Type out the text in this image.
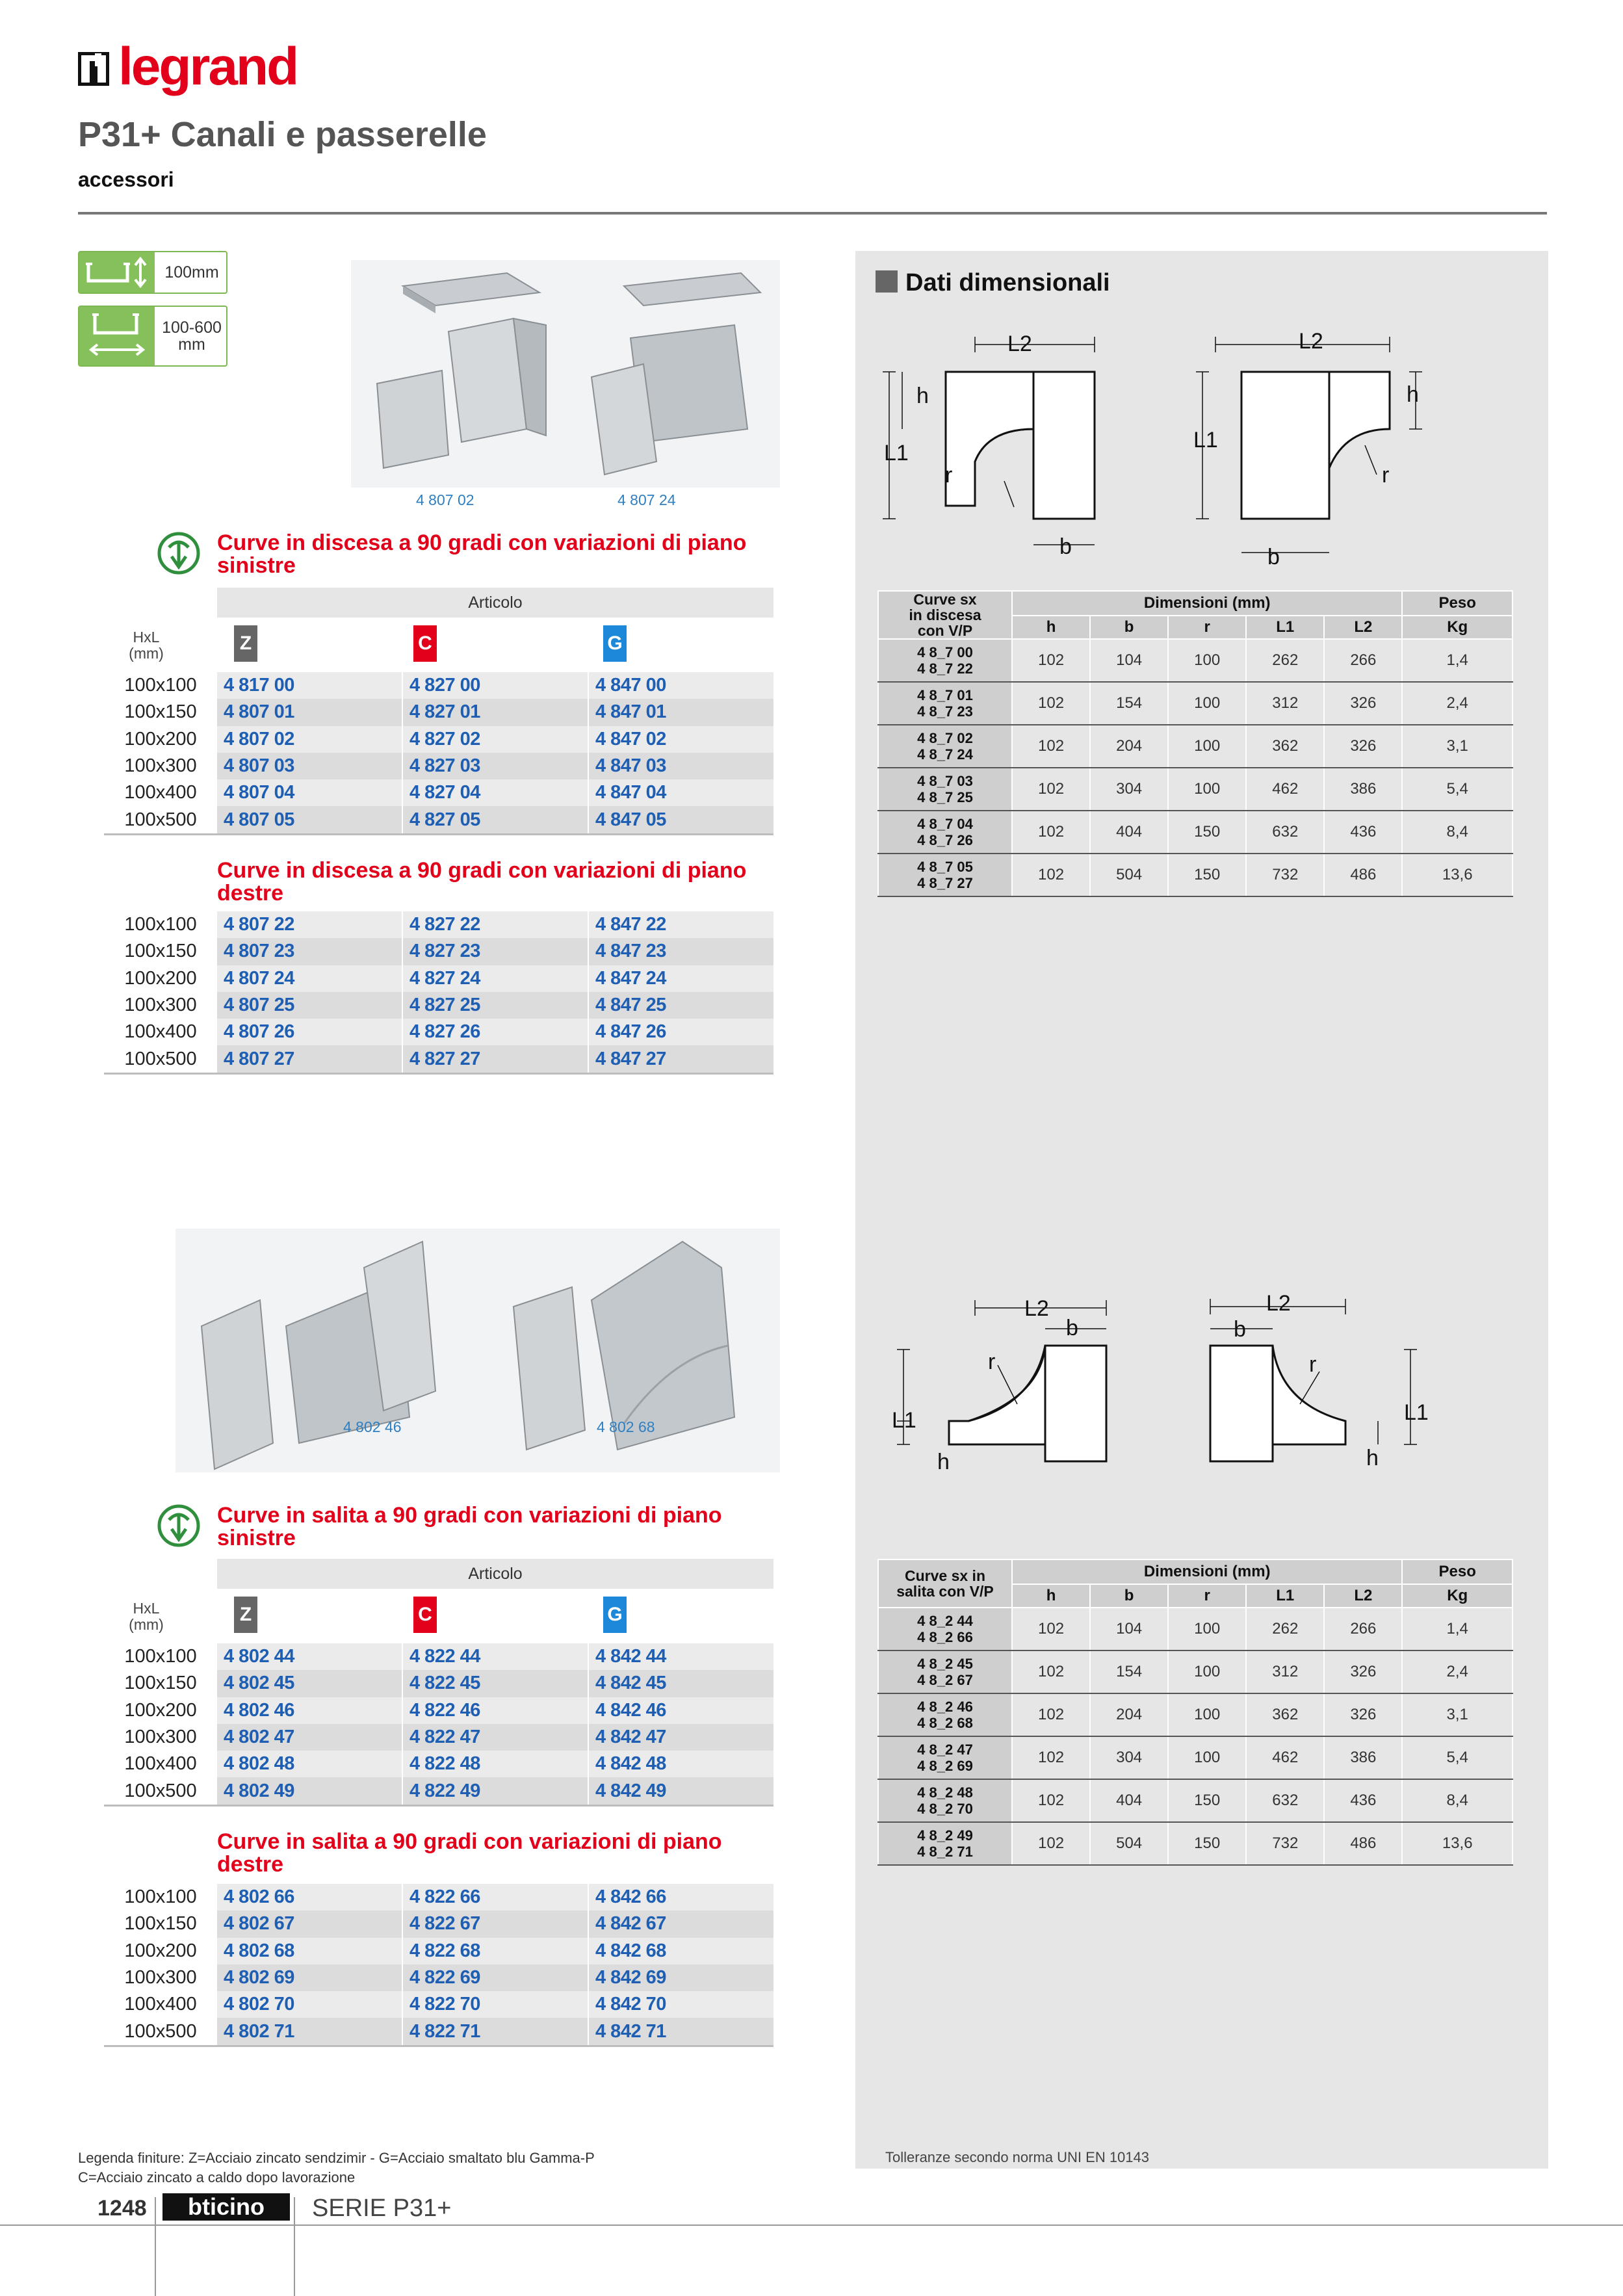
legrand
P31+ Canali e passerelle
accessori
100mm
100-600 mm
4 807 02	4 807 24
Curve in discesa a 90 gradi con variazioni di piano sinistre
Articolo
HxL
(mm)	Z	C	G
100x100	4 817 00	4 827 00	4 847 00
100x150	4 807 01	4 827 01	4 847 01
100x200	4 807 02	4 827 02	4 847 02
100x300	4 807 03	4 827 03	4 847 03
100x400	4 807 04	4 827 04	4 847 04
100x500	4 807 05	4 827 05	4 847 05
Curve in discesa a 90 gradi con variazioni di piano destre
100x100	4 807 22	4 827 22	4 847 22
100x150	4 807 23	4 827 23	4 847 23
100x200	4 807 24	4 827 24	4 847 24
100x300	4 807 25	4 827 25	4 847 25
100x400	4 807 26	4 827 26	4 847 26
100x500	4 807 27	4 827 27	4 847 27
4 802 46	4 802 68
Curve in salita a 90 gradi con variazioni di piano sinistre
Articolo
HxL
(mm)	Z	C	G
100x100	4 802 44	4 822 44	4 842 44
100x150	4 802 45	4 822 45	4 842 45
100x200	4 802 46	4 822 46	4 842 46
100x300	4 802 47	4 822 47	4 842 47
100x400	4 802 48	4 822 48	4 842 48
100x500	4 802 49	4 822 49	4 842 49
Curve in salita a 90 gradi con variazioni di piano destre
100x100	4 802 66	4 822 66	4 842 66
100x150	4 802 67	4 822 67	4 842 67
100x200	4 802 68	4 822 68	4 842 68
100x300	4 802 69	4 822 69	4 842 69
100x400	4 802 70	4 822 70	4 842 70
100x500	4 802 71	4 822 71	4 842 71
Dati dimensionali
L2
h
L1
r
b
L2
h
L1
r
b
Curve sx
in discesa
con V/P	Dimensioni (mm)					Peso
	h	b	r	L1	L2	Kg

4 8_7 00
4 8_7 22	102	104	100	262	266	1,4

4 8_7 01
4 8_7 23	102	154	100	312	326	2,4

4 8_7 02
4 8_7 24	102	204	100	362	326	3,1

4 8_7 03
4 8_7 25	102	304	100	462	386	5,4

4 8_7 04
4 8_7 26	102	404	150	632	436	8,4

4 8_7 05
4 8_7 27	102	504	150	732	486	13,6
L2
b
r
L1
h
L2
b
r
L1
h
Curve sx in
salita con V/P	Dimensioni (mm)					Peso
	h	b	r	L1	L2	Kg

4 8_2 44
4 8_2 66	102	104	100	262	266	1,4

4 8_2 45
4 8_2 67	102	154	100	312	326	2,4

4 8_2 46
4 8_2 68	102	204	100	362	326	3,1

4 8_2 47
4 8_2 69	102	304	100	462	386	5,4

4 8_2 48
4 8_2 70	102	404	150	632	436	8,4

4 8_2 49
4 8_2 71	102	504	150	732	486	13,6
Tolleranze secondo norma UNI EN 10143
Legenda finiture: Z=Acciaio zincato sendzimir - G=Acciaio smaltato blu Gamma-P
C=Acciaio zincato a caldo dopo lavorazione
1248 bticino SERIE P31+
